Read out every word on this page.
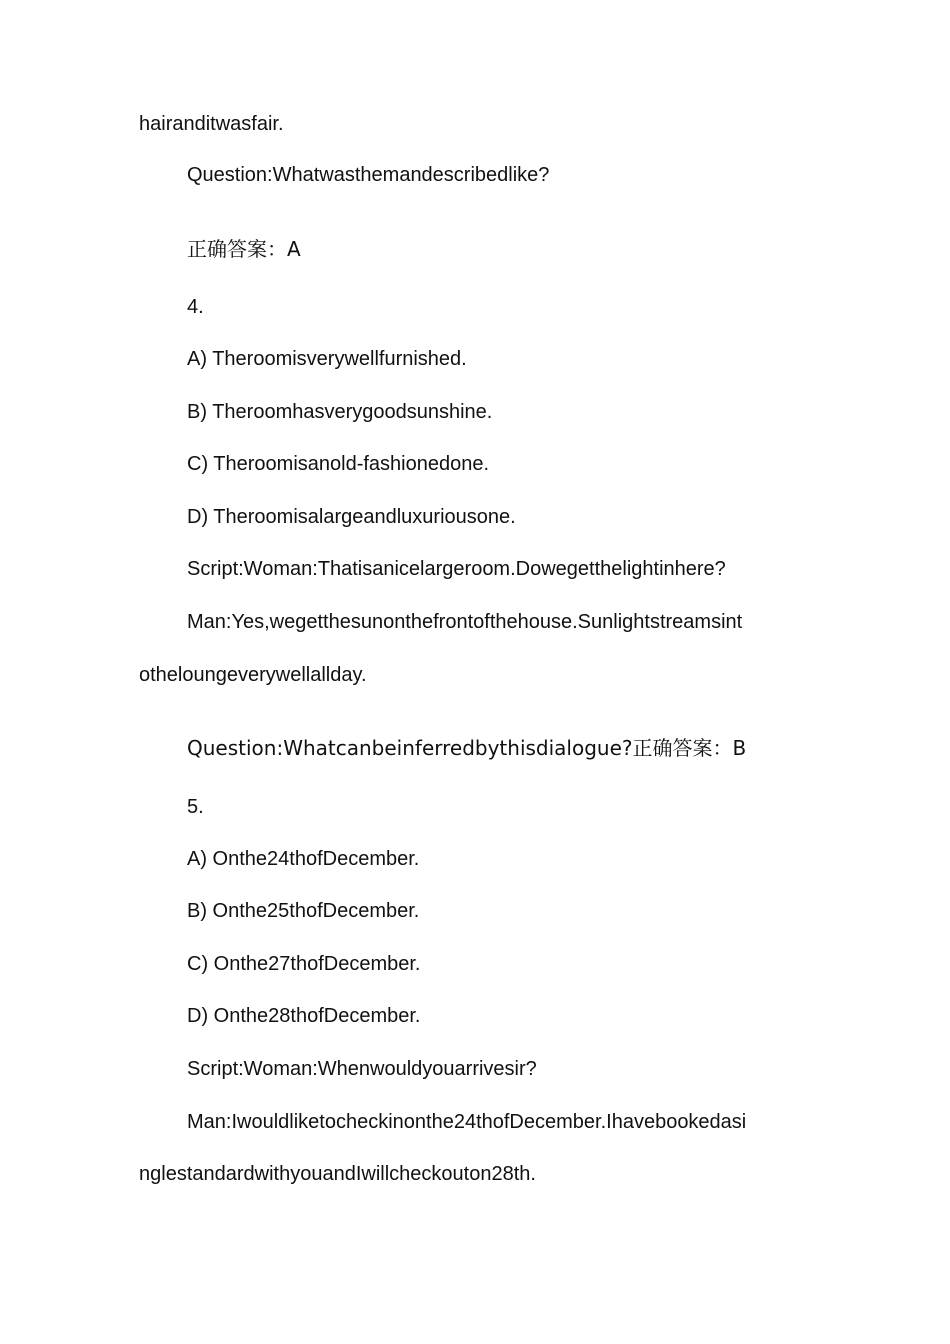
hairanditwasfair.
Question:Whatwasthemandescribedlike?
正确答案：A
4.
A) Theroomisverywellfurnished.
B) Theroomhasverygoodsunshine.
C) Theroomisanold-fashionedone.
D) Theroomisalargeandluxuriousone.
Script:Woman:Thatisanicelargeroom.Dowegetthelightinhere?
Man:Yes,wegetthesunonthefrontofthehouse.Sunlightstreamsint
otheloungeverywellallday.
Question:Whatcanbeinferredbythisdialogue?正确答案：B
5.
A) Onthe24thofDecember.
B) Onthe25thofDecember.
C) Onthe27thofDecember.
D) Onthe28thofDecember.
Script:Woman:Whenwouldyouarrivesir?
Man:Iwouldliketocheckinonthe24thofDecember.Ihavebookedasi
nglestandardwithyouandIwillcheckouton28th.
